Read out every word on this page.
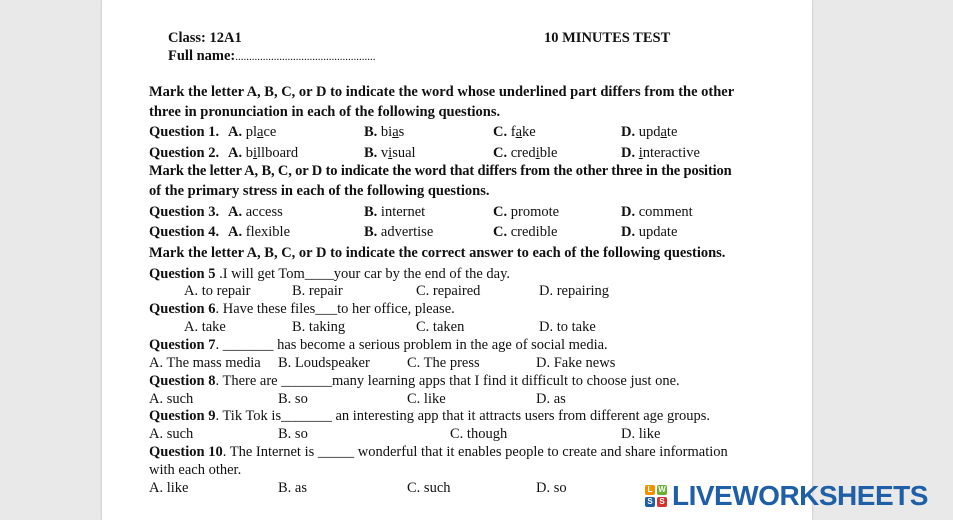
Class: 12A1	10 MINUTES TEST
Full name:...................................................
Mark the letter A, B, C, or D to indicate the word whose underlined part differs from the other
three in pronunciation in each of the following questions.
Question 1. A. place	B. bias	C. fake	D. update
Question 2. A. billboard	B. visual	C. credible	D. interactive
Mark the letter A, B, C, or D to indicate the word that differs from the other three in the position
of the primary stress in each of the following questions.
Question 3. A. access	B. internet	C. promote	D. comment
Question 4. A. flexible	B. advertise	C. credible	D. update
Mark the letter A, B, C, or D to indicate the correct answer to each of the following questions.
Question 5 .I will get Tom____your car by the end of the day.
A. to repair	B. repair	C. repaired	D. repairing
Question 6. Have these files___to her office, please.
A. take	B. taking	C. taken	D. to take
Question 7. _______ has become a serious problem in the age of social media.
A. The mass media B. Loudspeaker	C. The press	D. Fake news
Question 8. There are _______many learning apps that I find it difficult to choose just one.
A. such	B. so	C. like	D. as
Question 9. Tik Tok is_______ an interesting app that it attracts users from different age groups.
A. such	B. so	C. though	D. like
Question 10. The Internet is _____ wonderful that it enables people to create and share information
with each other.
A. like	B. as	C. such	D. so	L W
S S LIVEWORKSHEETS
